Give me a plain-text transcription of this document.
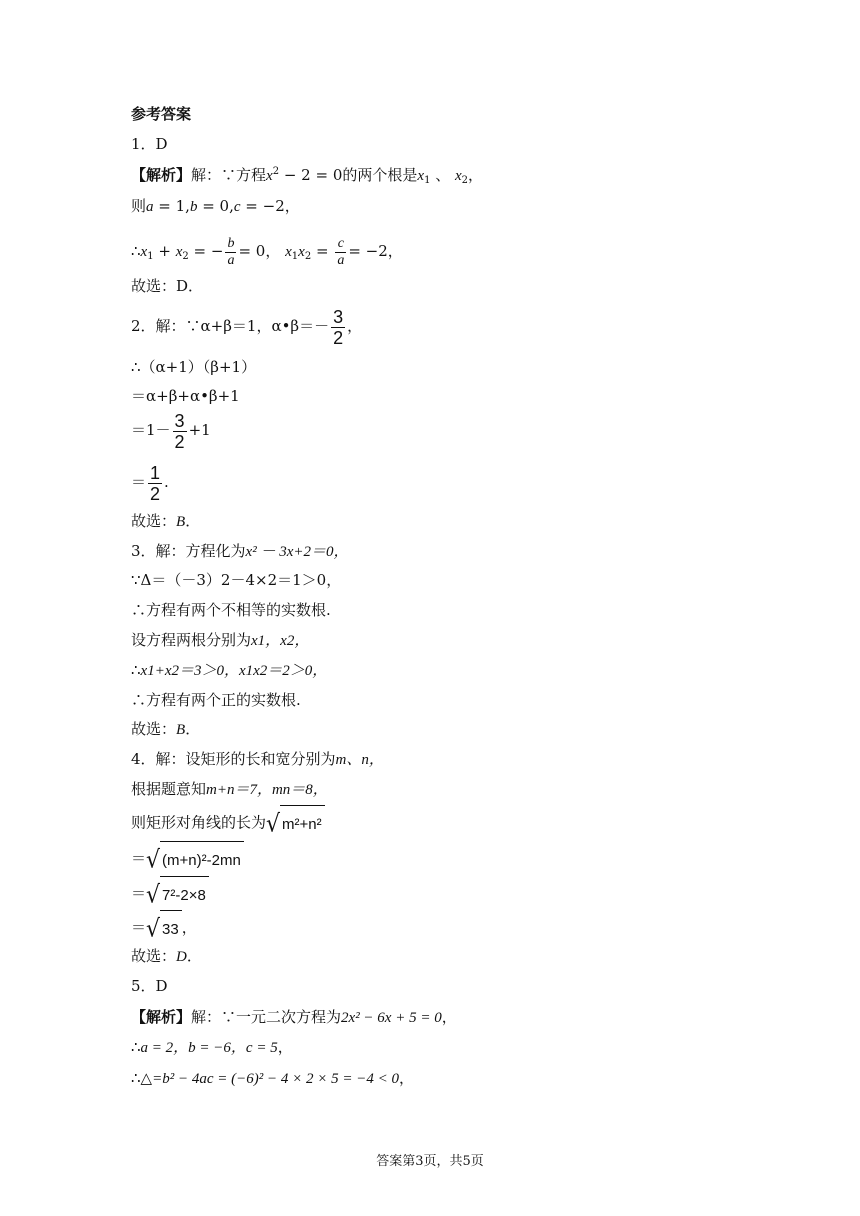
参考答案
1．D
【解析】解：∵方程$x^2 - 2 = 0$的两个根是$x_1$ 、 $x_2$，
则a = 1,b = 0,c = −2，
$\therefore x_1 + x_2$ = − $\frac{b}{a} = 0$， $x_1x_2 = \frac{c}{a} = -2$，
故选：D．
2．解：∵α+β＝1，α•β＝－ $\frac{3}{2}$ ，
∴（α+1）（β+1）
＝α+β+α•β+1
$=1- \frac{3}{2} +1$
＝ $\frac{1}{2}$ .
故选：B．
3．解：方程化为x² － 3x+2＝0，
∵Δ＝（－3）2－4×2＝1＞0，
∴方程有两个不相等的实数根.
设方程两根分别为x1，x2，
∴x1+x2＝3＞0，x1x2＝2＞0，
∴方程有两个正的实数根.
故选：B．
4．解：设矩形的长和宽分别为m、n，
根据题意知m+n＝7，mn＝8，
则矩形对角线的长为√ m²+n²
＝√ (m+n)²-2mn
＝√ 7²-2×8
＝√ 33 ，
故选：D．
5．D
【解析】解：∵一元二次方程为2x² − 6x + 5 = 0，
∴a = 2，b = −6，c = 5，
∴△=b² − 4ac = (−6)² − 4 × 2 × 5 = −4 < 0，
答案第3页，共5页
